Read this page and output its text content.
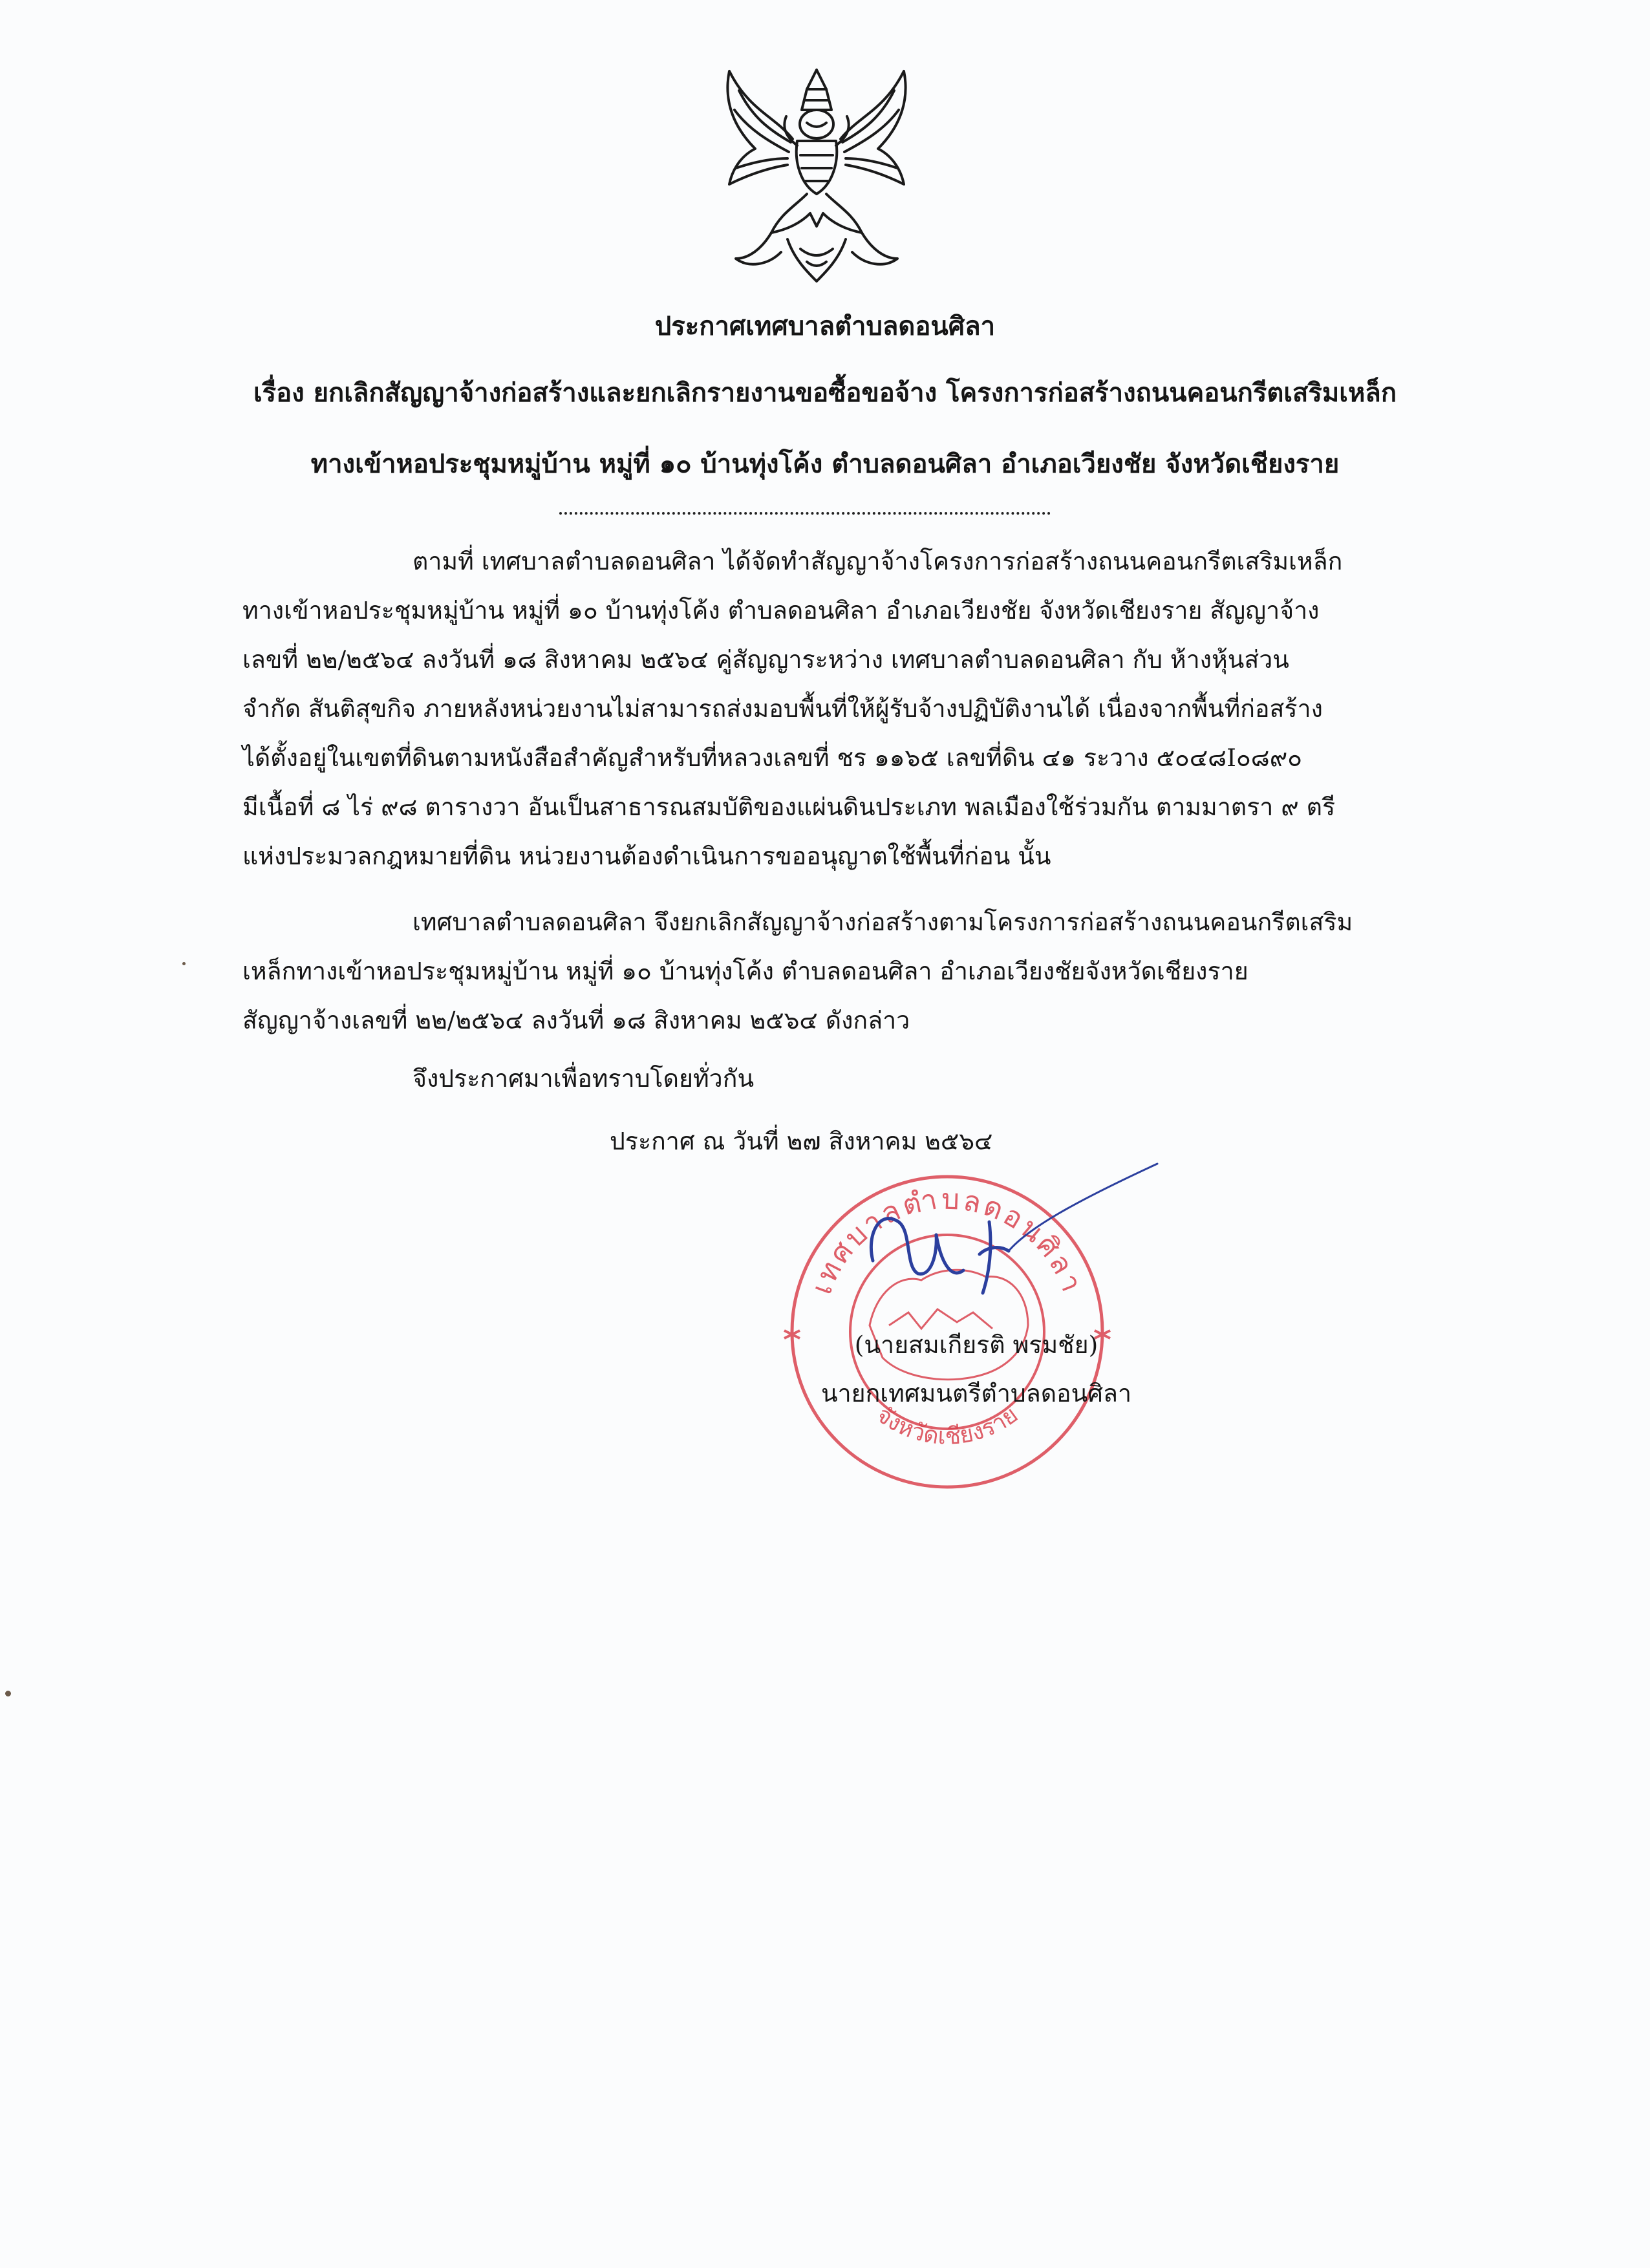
ประกาศเทศบาลตำบลดอนศิลา
เรื่อง ยกเลิกสัญญาจ้างก่อสร้างและยกเลิกรายงานขอซื้อขอจ้าง โครงการก่อสร้างถนนคอนกรีตเสริมเหล็ก
ทางเข้าหอประชุมหมู่บ้าน หมู่ที่ ๑๐ บ้านทุ่งโค้ง ตำบลดอนศิลา อำเภอเวียงชัย จังหวัดเชียงราย
ตามที่ เทศบาลตำบลดอนศิลา ได้จัดทำสัญญาจ้างโครงการก่อสร้างถนนคอนกรีตเสริมเหล็ก
ทางเข้าหอประชุมหมู่บ้าน หมู่ที่ ๑๐ บ้านทุ่งโค้ง ตำบลดอนศิลา อำเภอเวียงชัย จังหวัดเชียงราย สัญญาจ้าง
เลขที่ ๒๒/๒๕๖๔ ลงวันที่ ๑๘ สิงหาคม ๒๕๖๔ คู่สัญญาระหว่าง เทศบาลตำบลดอนศิลา กับ ห้างหุ้นส่วน
จำกัด สันติสุขกิจ ภายหลังหน่วยงานไม่สามารถส่งมอบพื้นที่ให้ผู้รับจ้างปฏิบัติงานได้ เนื่องจากพื้นที่ก่อสร้าง
ได้ตั้งอยู่ในเขตที่ดินตามหนังสือสำคัญสำหรับที่หลวงเลขที่ ชร ๑๑๖๕ เลขที่ดิน ๔๑ ระวาง ๕๐๔๘I๐๘๙๐
มีเนื้อที่ ๘ ไร่ ๙๘ ตารางวา อันเป็นสาธารณสมบัติของแผ่นดินประเภท พลเมืองใช้ร่วมกัน ตามมาตรา ๙ ตรี
แห่งประมวลกฎหมายที่ดิน หน่วยงานต้องดำเนินการขออนุญาตใช้พื้นที่ก่อน นั้น
เทศบาลตำบลดอนศิลา จึงยกเลิกสัญญาจ้างก่อสร้างตามโครงการก่อสร้างถนนคอนกรีตเสริม
เหล็กทางเข้าหอประชุมหมู่บ้าน หมู่ที่ ๑๐ บ้านทุ่งโค้ง ตำบลดอนศิลา อำเภอเวียงชัยจังหวัดเชียงราย
สัญญาจ้างเลขที่ ๒๒/๒๕๖๔ ลงวันที่ ๑๘ สิงหาคม ๒๕๖๔ ดังกล่าว
จึงประกาศมาเพื่อทราบโดยทั่วกัน
ประกาศ ณ วันที่ ๒๗ สิงหาคม ๒๕๖๔
เทศบาลตำบลดอนศิลา
จังหวัดเชียงราย
(นายสมเกียรติ พรมชัย)
นายกเทศมนตรีตำบลดอนศิลา
